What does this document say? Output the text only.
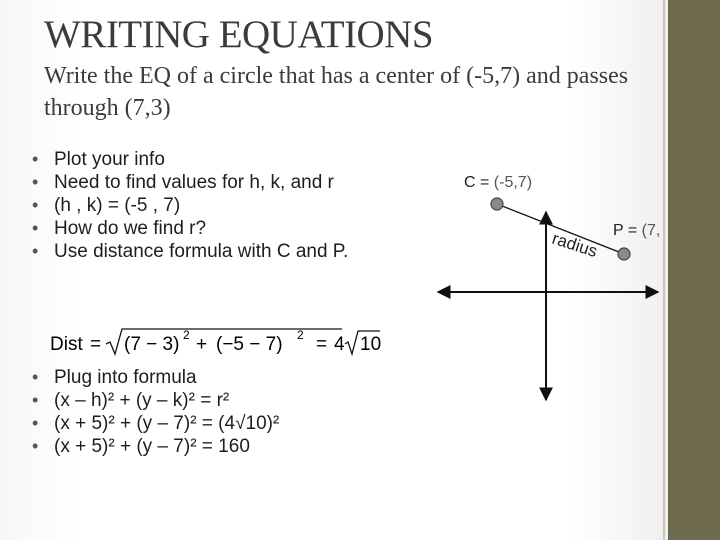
WRITING EQUATIONS
Write the EQ of a circle that has a center of (-5,7) and passes through (7,3)
• Plot your info
• Need to find values for h, k, and r
• (h , k) = (-5 , 7)
• How do we find r?
• Use distance formula with C and P.
Dist = (7 − 3) 2 + (−5 − 7) 2 = 4 10
• Plug into formula
• (x – h)² + (y – k)² = r²
• (x + 5)² + (y – 7)² = (4√10)²
• (x + 5)² + (y – 7)² = 160
radius
C = (-5,7)
P = (7,
